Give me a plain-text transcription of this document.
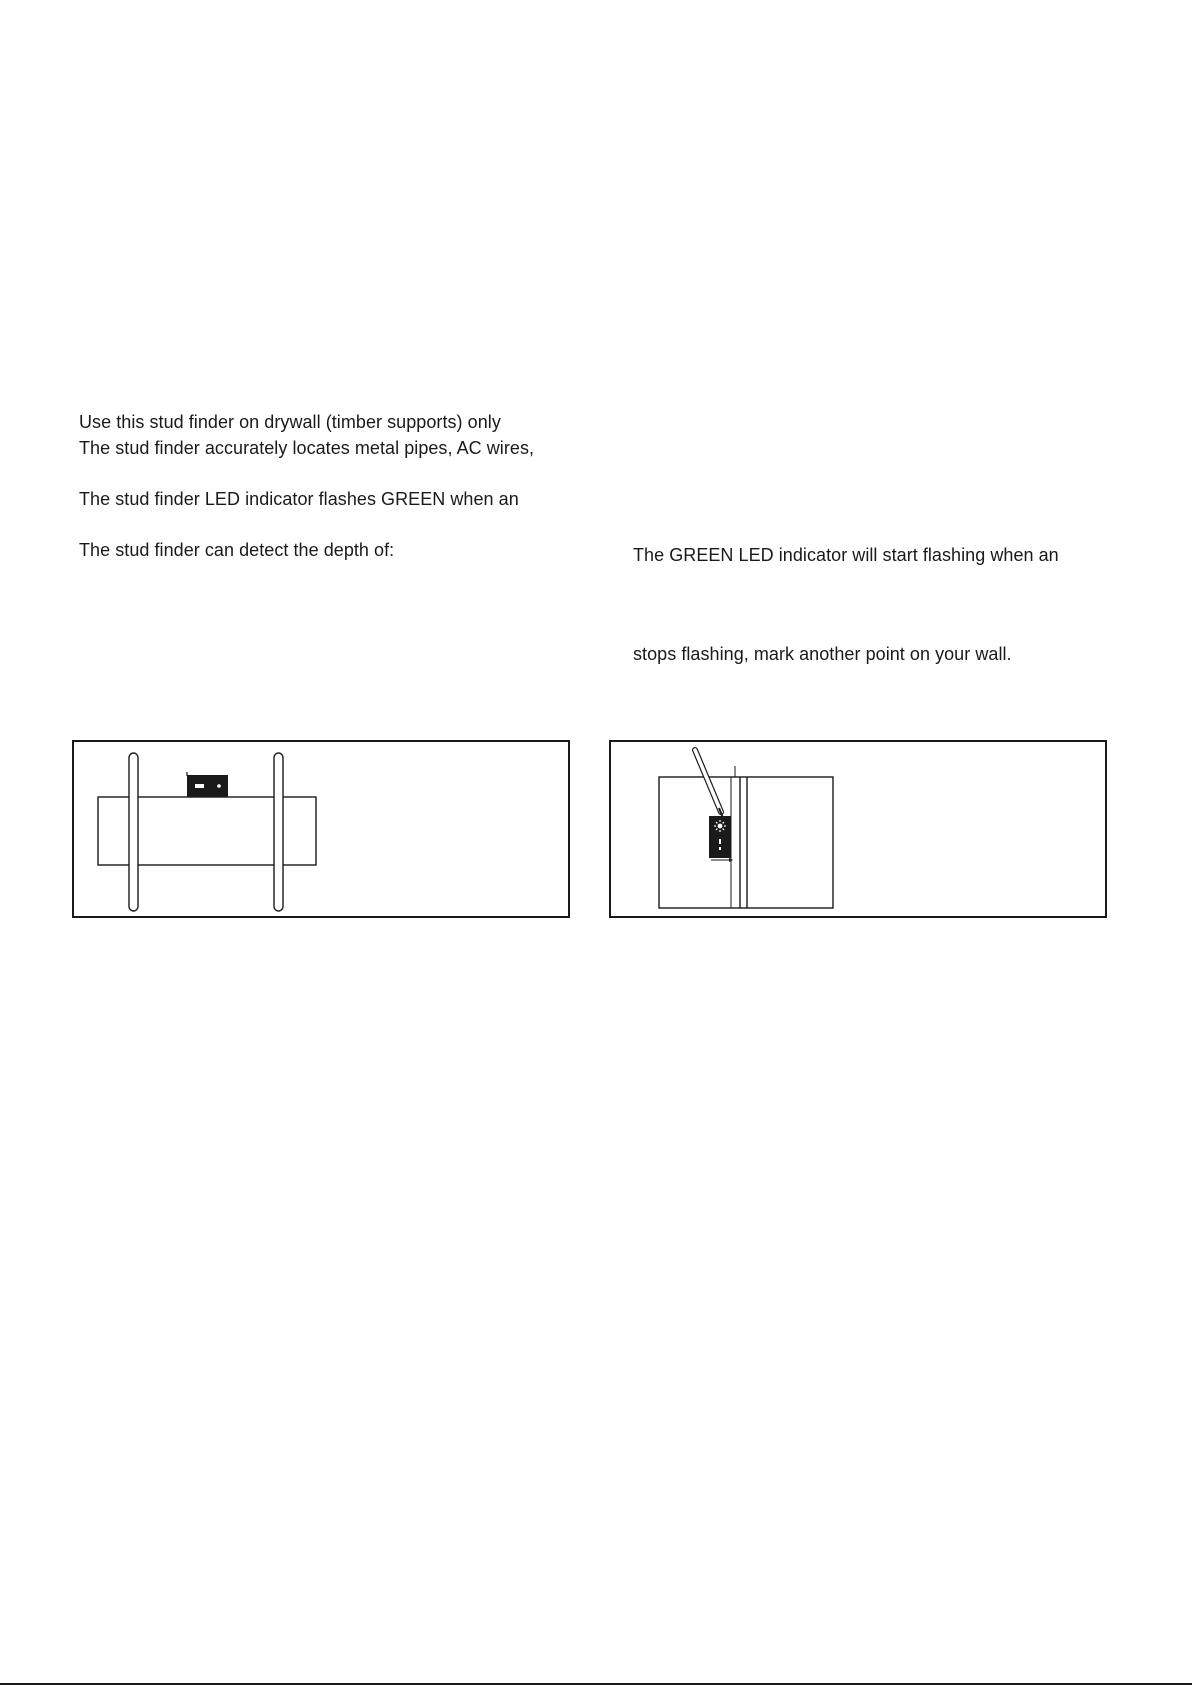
Use this stud finder on drywall (timber supports) only
The stud finder accurately locates metal pipes, AC wires,
The stud finder LED indicator flashes GREEN when an
The stud finder can detect the depth of:	The GREEN LED indicator will start flashing when an
stops flashing, mark another point on your wall.
